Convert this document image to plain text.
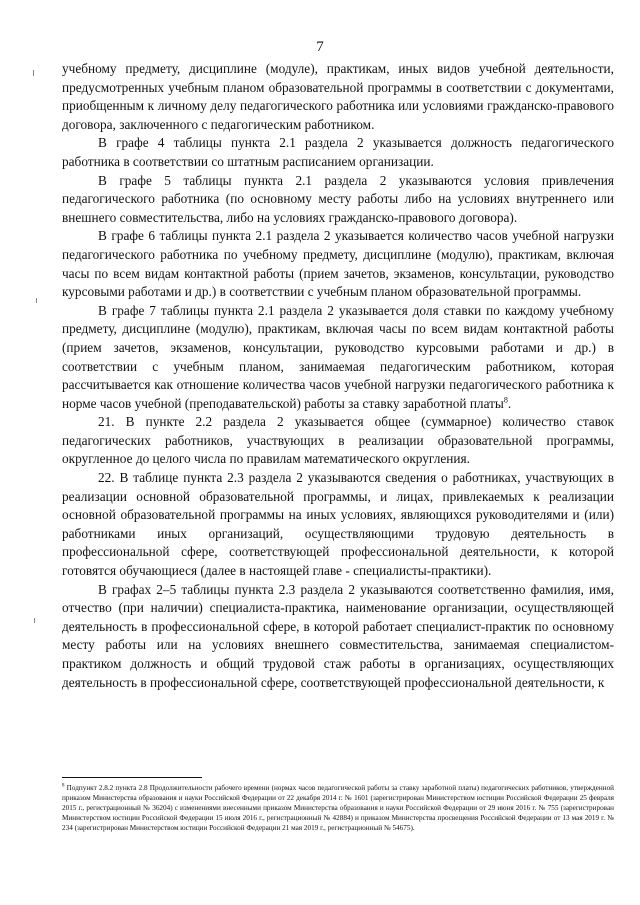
7

учебному предмету, дисциплине (модуле), практикам, иных видов учебной деятельности, предусмотренных учебным планом образовательной программы в соответствии с документами, приобщенным к личному делу педагогического работника или условиями гражданско-правового договора, заключенного с педагогическим работником.

В графе 4 таблицы пункта 2.1 раздела 2 указывается должность педагогического работника в соответствии со штатным расписанием организации.

В графе 5 таблицы пункта 2.1 раздела 2 указываются условия привлечения педагогического работника (по основному месту работы либо на условиях внутреннего или внешнего совместительства, либо на условиях гражданско-правового договора).

В графе 6 таблицы пункта 2.1 раздела 2 указывается количество часов учебной нагрузки педагогического работника по учебному предмету, дисциплине (модулю), практикам, включая часы по всем видам контактной работы (прием зачетов, экзаменов, консультации, руководство курсовыми работами и др.) в соответствии с учебным планом образовательной программы.

В графе 7 таблицы пункта 2.1 раздела 2 указывается доля ставки по каждому учебному предмету, дисциплине (модулю), практикам, включая часы по всем видам контактной работы (прием зачетов, экзаменов, консультации, руководство курсовыми работами и др.) в соответствии с учебным планом, занимаемая педагогическим работником, которая рассчитывается как отношение количества часов учебной нагрузки педагогического работника к норме часов учебной (преподавательской) работы за ставку заработной платы$^8$.

21. В пункте 2.2 раздела 2 указывается общее (суммарное) количество ставок педагогических работников, участвующих в реализации образовательной программы, округленное до целого числа по правилам математического округления.

22. В таблице пункта 2.3 раздела 2 указываются сведения о работниках, участвующих в реализации основной образовательной программы, и лицах, привлекаемых к реализации основной образовательной программы на иных условиях, являющихся руководителями и (или) работниками иных организаций, осуществляющими трудовую деятельность в профессиональной сфере, соответствующей профессиональной деятельности, к которой готовятся обучающиеся (далее в настоящей главе - специалисты-практики).

В графах 2–5 таблицы пункта 2.3 раздела 2 указываются соответственно фамилия, имя, отчество (при наличии) специалиста-практика, наименование организации, осуществляющей деятельность в профессиональной сфере, в которой работает специалист-практик по основному месту работы или на условиях внешнего совместительства, занимаемая специалистом-практиком должность и общий трудовой стаж работы в организациях, осуществляющих деятельность в профессиональной сфере, соответствующей профессиональной деятельности, к

$^8$ Подпункт 2.8.2 пункта 2.8 Продолжительности рабочего времени (нормах часов педагогической работы за ставку заработной платы) педагогических работников, утвержденной приказом Министерства образования и науки Российской Федерации от 22 декабря 2014 г. № 1601 (зарегистрирован Министерством юстиции Российской Федерации 25 февраля 2015 г., регистрационный № 36204) с изменениями внесенными приказом Министерства образования и науки Российской Федерации от 29 июня 2016 г. № 755 (зарегистрирован Министерством юстиции Российской Федерации 15 июля 2016 г., регистрационный № 42884) и приказом Министерства просвещения Российской Федерации от 13 мая 2019 г. № 234 (зарегистрирован Министерством юстиции Российской Федерации 21 мая 2019 г., регистрационный № 54675).
